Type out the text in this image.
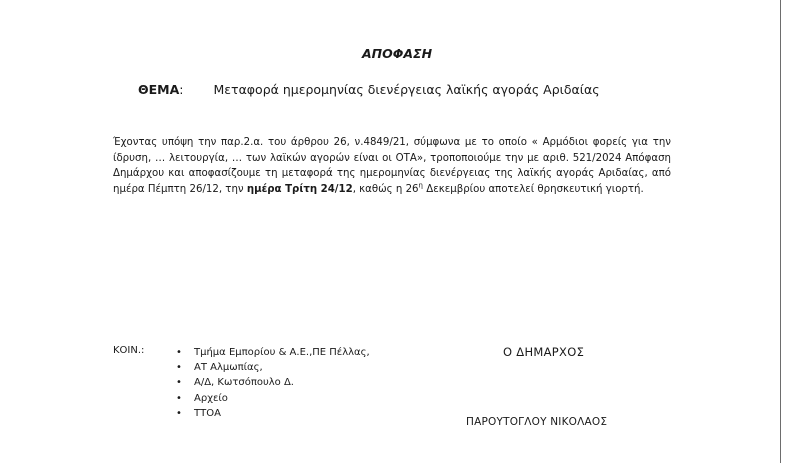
ΑΠΟΦΑΣΗ
ΘΕΜΑ: Μεταφορά ημερομηνίας διενέργειας λαϊκής αγοράς Αριδαίας
Έχοντας υπόψη την παρ.2.α. του άρθρου 26, ν.4849/21, σύμφωνα με το οποίο « Αρμόδιοι φορείς για την ίδρυση, … λειτουργία, … των λαϊκών αγορών είναι οι ΟΤΑ», τροποποιούμε την με αριθ. 521/2024 Απόφαση Δημάρχου και αποφασίζουμε τη μεταφορά της ημερομηνίας διενέργειας της λαϊκής αγοράς Αριδαίας, από ημέρα Πέμπτη 26/12, την ημέρα Τρίτη 24/12, καθώς η $26^\eta$ Δεκεμβρίου αποτελεί θρησκευτική γιορτή.
ΚΟΙΝ.:
•	Τμήμα Εμπορίου & Α.Ε.,ΠΕ Πέλλας,
• ΑΤ Αλμωπίας,
• Α/Δ, Κωτσόπουλο Δ.
• Αρχείο
• ΤΤΟΑ
Ο ΔΗΜΑΡΧΟΣ
ΠΑΡΟΥΤΟΓΛΟΥ ΝΙΚΟΛΑΟΣ
